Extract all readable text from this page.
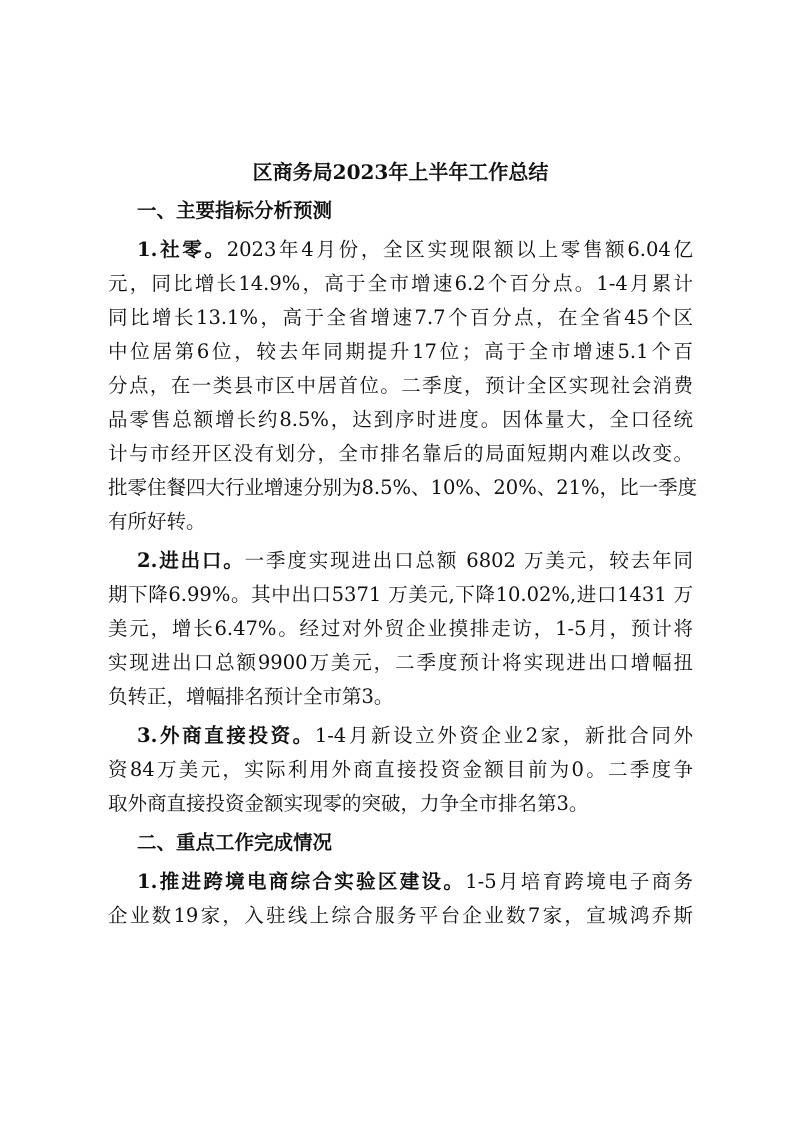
区商务局2023年上半年工作总结
一、主要指标分析预测
1.社零。2023年4月份，全区实现限额以上零售额6.04亿
元，同比增长14.9%，高于全市增速6.2个百分点。1-4月累计
同比增长13.1%，高于全省增速7.7个百分点，在全省45个区
中位居第6位，较去年同期提升17位；高于全市增速5.1个百
分点，在一类县市区中居首位。二季度，预计全区实现社会消费
品零售总额增长约8.5%，达到序时进度。因体量大，全口径统
计与市经开区没有划分，全市排名靠后的局面短期内难以改变。
批零住餐四大行业增速分别为8.5%、10%、20%、21%，比一季度
有所好转。
2.进出口。一季度实现进出口总额 6802 万美元，较去年同
期下降6.99%。其中出口5371 万美元,下降10.02%,进口1431 万
美元，增长6.47%。经过对外贸企业摸排走访，1-5月，预计将
实现进出口总额9900万美元，二季度预计将实现进出口增幅扭
负转正，增幅排名预计全市第3。
3.外商直接投资。1-4月新设立外资企业2家，新批合同外
资84万美元，实际利用外商直接投资金额目前为0。二季度争
取外商直接投资金额实现零的突破，力争全市排名第3。
二、重点工作完成情况
1.推进跨境电商综合实验区建设。1-5月培育跨境电子商务
企业数19家，入驻线上综合服务平台企业数7家，宣城鸿乔斯
